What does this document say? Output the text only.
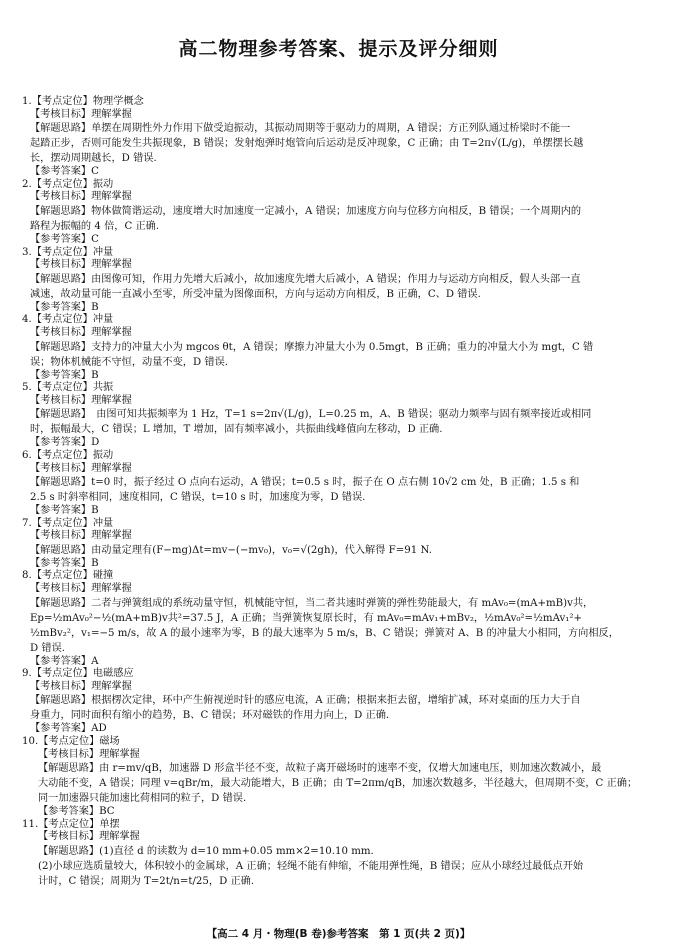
高二物理参考答案、提示及评分细则
1.【考点定位】物理学概念
【考核目标】理解掌握
【解题思路】单摆在周期性外力作用下做受迫振动，其振动周期等于驱动力的周期，A 错误；方正列队通过桥梁时不能一
起踏正步，否则可能发生共振现象，B 错误；发射炮弹时炮管向后运动是反冲现象，C 正确；由 T=2π√(L/g)，单摆摆长越
长，摆动周期越长，D 错误.
【参考答案】C
2.【考点定位】振动
【考核目标】理解掌握
【解题思路】物体做简谐运动，速度增大时加速度一定减小，A 错误；加速度方向与位移方向相反，B 错误；一个周期内的
路程为振幅的 4 倍，C 正确.
【参考答案】C
3.【考点定位】冲量
【考核目标】理解掌握
【解题思路】由图像可知，作用力先增大后减小，故加速度先增大后减小，A 错误；作用力与运动方向相反，假人头部一直
减速，故动量可能一直减小至零，所受冲量为图像面积，方向与运动方向相反，B 正确，C、D 错误.
【参考答案】B
4.【考点定位】冲量
【考核目标】理解掌握
【解题思路】支持力的冲量大小为 mgcos θt，A 错误；摩擦力冲量大小为 0.5mgt，B 正确；重力的冲量大小为 mgt，C 错
误；物体机械能不守恒，动量不变，D 错误.
【参考答案】B
5.【考点定位】共振
【考核目标】理解掌握
【解题思路】　由图可知共振频率为 1 Hz，T=1 s=2π√(L/g)，L=0.25 m，A、B 错误；驱动力频率与固有频率接近或相同
时，振幅最大，C 错误；L 增加，T 增加，固有频率减小，共振曲线峰值向左移动，D 正确.
【参考答案】D
6.【考点定位】振动
【考核目标】理解掌握
【解题思路】t=0 时，振子经过 O 点向右运动，A 错误；t=0.5 s 时，振子在 O 点右侧 10√2 cm 处，B 正确；1.5 s 和
2.5 s 时斜率相同，速度相同，C 错误，t=10 s 时，加速度为零，D 错误.
【参考答案】B
7.【考点定位】冲量
【考核目标】理解掌握
【解题思路】由动量定理有(F−mg)Δt=mv−(−mv₀)，v₀=√(2gh)，代入解得 F=91 N.
【参考答案】B
8.【考点定位】碰撞
【考核目标】理解掌握
【解题思路】二者与弹簧组成的系统动量守恒，机械能守恒，当二者共速时弹簧的弹性势能最大，有 mAv₀=(mA+mB)v共，
Ep=½mAv₀²−½(mA+mB)v共²=37.5 J，A 正确；当弹簧恢复原长时，有 mAv₀=mAv₁+mBv₂，½mAv₀²=½mAv₁²+
½mBv₂²，v₁=−5 m/s，故 A 的最小速率为零，B 的最大速率为 5 m/s，B、C 错误；弹簧对 A、B 的冲量大小相同，方向相反，
D 错误.
【参考答案】A
9.【考点定位】电磁感应
【考核目标】理解掌握
【解题思路】根据楞次定律，环中产生俯视逆时针的感应电流，A 正确；根据来拒去留，增缩扩减，环对桌面的压力大于自
身重力，同时面积有缩小的趋势，B、C 错误；环对磁铁的作用力向上，D 正确.
【参考答案】AD
10.【考点定位】磁场
【考核目标】理解掌握
【解题思路】由 r=mv/qB，加速器 D 形盒半径不变，故粒子离开磁场时的速率不变，仅增大加速电压，则加速次数减小，最
大动能不变，A 错误；同理 v=qBr/m，最大动能增大，B 正确；由 T=2πm/qB，加速次数越多，半径越大，但周期不变，C 正确；
同一加速器只能加速比荷相同的粒子，D 错误.
【参考答案】BC
11.【考点定位】单摆
【考核目标】理解掌握
【解题思路】(1)直径 d 的读数为 d=10 mm+0.05 mm×2=10.10 mm.
(2)小球应选质量较大，体积较小的金属球，A 正确；轻绳不能有伸缩，不能用弹性绳，B 错误；应从小球经过最低点开始
计时，C 错误；周期为 T=2t/n=t/25，D 正确.
【高二 4 月・物理(B 卷)参考答案　第 1 页(共 2 页)】
